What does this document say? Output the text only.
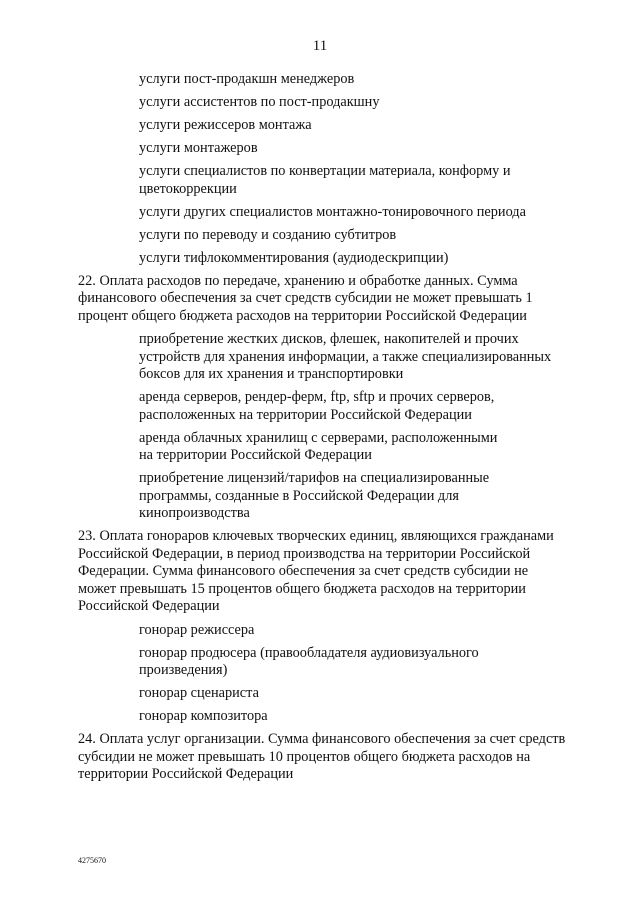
11
услуги пост-продакшн менеджеров
услуги ассистентов по пост-продакшну
услуги режиссеров монтажа
услуги монтажеров
услуги специалистов по конвертации материала, конформу и цветокоррекции
услуги других специалистов монтажно-тонировочного периода
услуги по переводу и созданию субтитров
услуги тифлокомментирования (аудиодескрипции)
22. Оплата расходов по передаче, хранению и обработке данных. Сумма финансового обеспечения за счет средств субсидии не может превышать 1 процент общего бюджета расходов на территории Российской Федерации
приобретение жестких дисков, флешек, накопителей и прочих устройств для хранения информации, а также специализированных боксов для их хранения и транспортировки
аренда серверов, рендер-ферм, ftp, sftp и прочих серверов, расположенных на территории Российской Федерации
аренда облачных хранилищ с серверами, расположенными на территории Российской Федерации
приобретение лицензий/тарифов на специализированные программы, созданные в Российской Федерации для кинопроизводства
23. Оплата гонораров ключевых творческих единиц, являющихся гражданами Российской Федерации, в период производства на территории Российской Федерации. Сумма финансового обеспечения за счет средств субсидии не может превышать 15 процентов общего бюджета расходов на территории Российской Федерации
гонорар режиссера
гонорар продюсера (правообладателя аудиовизуального произведения)
гонорар сценариста
гонорар композитора
24. Оплата услуг организации. Сумма финансового обеспечения за счет средств субсидии не может превышать 10 процентов общего бюджета расходов на территории Российской Федерации
4275670
